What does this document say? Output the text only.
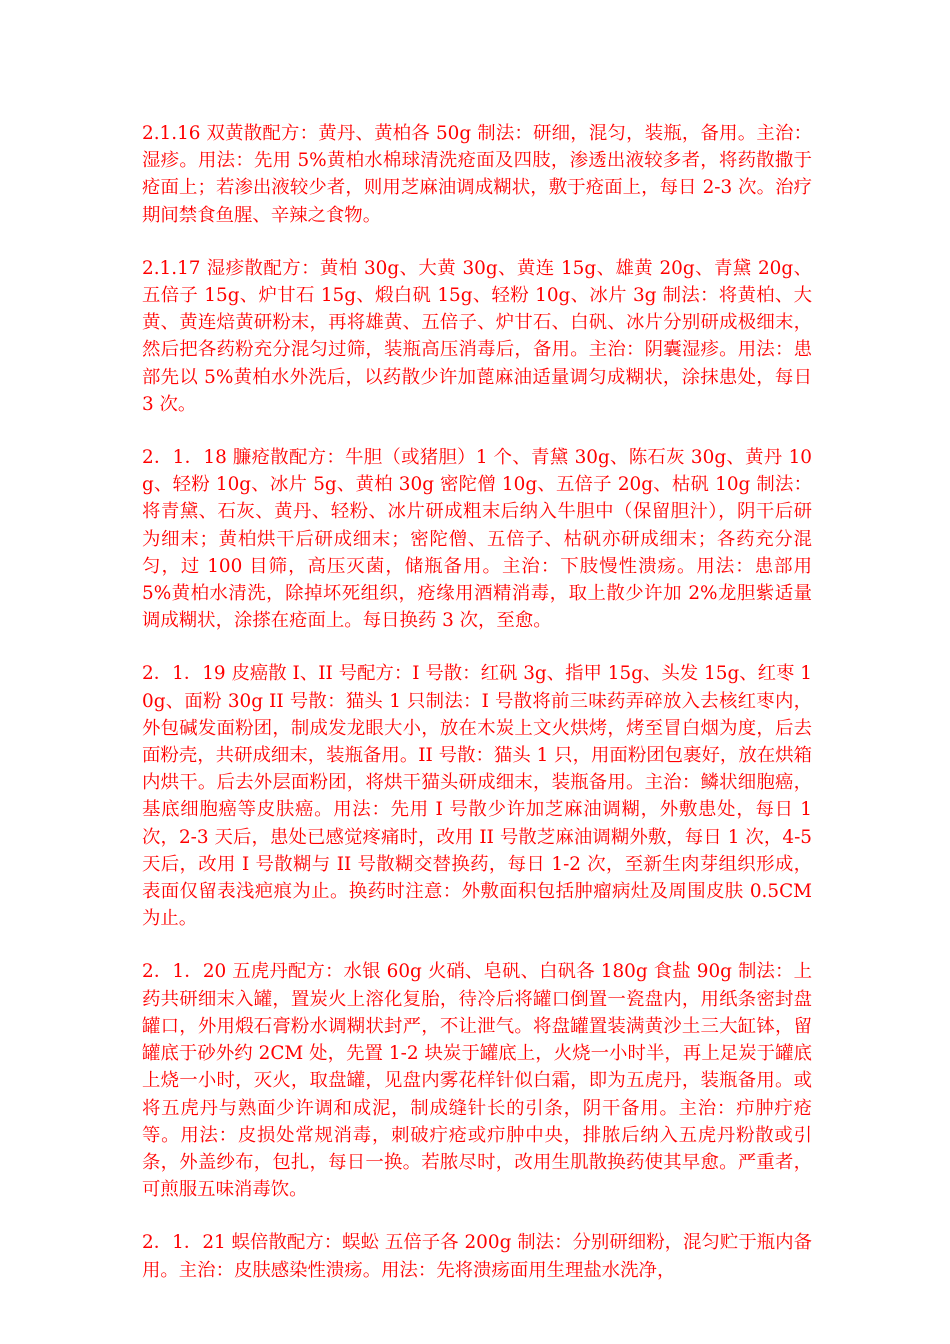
2.1.16 双黄散配方：黄丹、黄柏各 50g 制法：研细，混匀，装瓶，备用。主治：湿疹。用法：先用 5%黄柏水棉球清洗疮面及四肢，渗透出液较多者，将药散撒于疮面上；若渗出液较少者，则用芝麻油调成糊状，敷于疮面上，每日 2-3 次。治疗期间禁食鱼腥、辛辣之食物。

2.1.17 湿疹散配方：黄柏 30g、大黄 30g、黄连 15g、雄黄 20g、青黛 20g、五倍子 15g、炉甘石 15g、煅白矾 15g、轻粉 10g、冰片 3g 制法：将黄柏、大黄、黄连焙黄研粉末，再将雄黄、五倍子、炉甘石、白矾、冰片分别研成极细末，然后把各药粉充分混匀过筛，装瓶高压消毒后，备用。主治：阴囊湿疹。用法：患部先以 5%黄柏水外洗后，以药散少许加蓖麻油适量调匀成糊状，涂抹患处，每日 3 次。

2．1．18 臁疮散配方：牛胆（或猪胆）1 个、青黛 30g、陈石灰 30g、黄丹 10g、轻粉 10g、冰片 5g、黄柏 30g 密陀僧 10g、五倍子 20g、枯矾 10g 制法：将青黛、石灰、黄丹、轻粉、冰片研成粗末后纳入牛胆中（保留胆汁），阴干后研为细末；黄柏烘干后研成细末；密陀僧、五倍子、枯矾亦研成细末；各药充分混匀，过 100 目筛，高压灭菌，储瓶备用。主治：下肢慢性溃疡。用法：患部用 5%黄柏水清洗，除掉坏死组织，疮缘用酒精消毒，取上散少许加 2%龙胆紫适量调成糊状，涂搽在疮面上。每日换药 3 次，至愈。

2．1．19 皮癌散 I、II 号配方：I 号散：红矾 3g、指甲 15g、头发 15g、红枣 10g、面粉 30g II 号散：猫头 1 只制法：I 号散将前三味药弄碎放入去核红枣内，外包碱发面粉团，制成发龙眼大小，放在木炭上文火烘烤，烤至冒白烟为度，后去面粉壳，共研成细末，装瓶备用。II 号散：猫头 1 只，用面粉团包裹好，放在烘箱内烘干。后去外层面粉团，将烘干猫头研成细末，装瓶备用。主治：鳞状细胞癌，基底细胞癌等皮肤癌。用法：先用 I 号散少许加芝麻油调糊，外敷患处，每日 1 次，2-3 天后，患处已感觉疼痛时，改用 II 号散芝麻油调糊外敷，每日 1 次，4-5 天后，改用 I 号散糊与 II 号散糊交替换药，每日 1-2 次，至新生肉芽组织形成，表面仅留表浅疤痕为止。换药时注意：外敷面积包括肿瘤病灶及周围皮肤 0.5CM 为止。

2．1．20 五虎丹配方：水银 60g 火硝、皂矾、白矾各 180g 食盐 90g 制法：上药共研细末入罐，置炭火上溶化复胎，待冷后将罐口倒置一瓷盘内，用纸条密封盘罐口，外用煅石膏粉水调糊状封严，不让泄气。将盘罐置装满黄沙土三大缸钵，留罐底于砂外约 2CM 处，先置 1-2 块炭于罐底上，火烧一小时半，再上足炭于罐底上烧一小时，灭火，取盘罐，见盘内雾花样针似白霜，即为五虎丹，装瓶备用。或将五虎丹与熟面少许调和成泥，制成缝针长的引条，阴干备用。主治：疖肿疔疮等。用法：皮损处常规消毒，刺破疔疮或疖肿中央，排脓后纳入五虎丹粉散或引条，外盖纱布，包扎，每日一换。若脓尽时，改用生肌散换药使其早愈。严重者，可煎服五味消毒饮。

2．1．21 蜈倍散配方：蜈蚣 五倍子各 200g 制法：分别研细粉，混匀贮于瓶内备用。主治：皮肤感染性溃疡。用法：先将溃疡面用生理盐水洗净，
